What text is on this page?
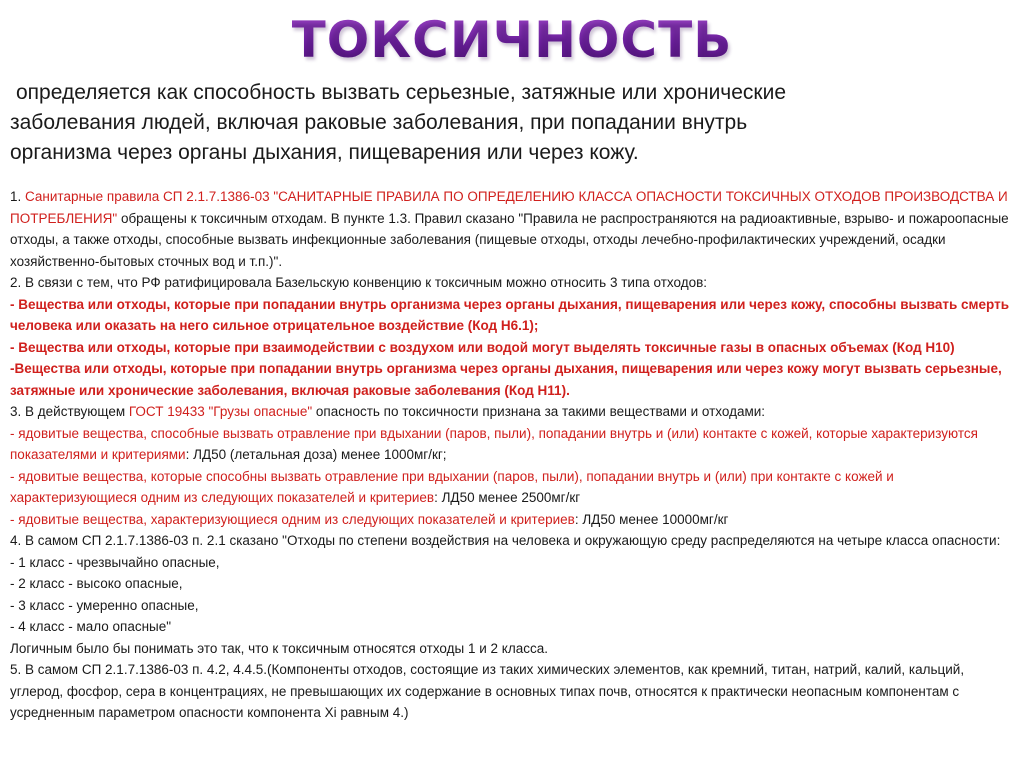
ТОКСИЧНОСТЬ
определяется как способность вызвать серьезные, затяжные или хронические
заболевания людей, включая раковые заболевания, при попадании внутрь
организма через органы дыхания, пищеварения или через кожу.

1. Санитарные правила СП 2.1.7.1386-03 "САНИТАРНЫЕ ПРАВИЛА ПО ОПРЕДЕЛЕНИЮ КЛАССА ОПАСНОСТИ ТОКСИЧНЫХ ОТХОДОВ ПРОИЗВОДСТВА И ПОТРЕБЛЕНИЯ" обращены к токсичным отходам. В пункте 1.3. Правил сказано "Правила не распространяются на радиоактивные, взрыво- и пожароопасные отходы, а также отходы, способные вызвать инфекционные заболевания (пищевые отходы, отходы лечебно-профилактических учреждений, осадки хозяйственно-бытовых сточных вод и т.п.)".

2. В связи с тем, что РФ ратифицировала Базельскую конвенцию к токсичным можно относить 3 типа отходов:

- Вещества или отходы, которые при попадании внутрь организма через органы дыхания, пищеварения или через кожу, способны вызвать смерть человека или оказать на него сильное отрицательное воздействие (Код Н6.1);

- Вещества или отходы, которые при взаимодействии с воздухом или водой могут выделять токсичные газы в опасных объемах (Код Н10)

-Вещества или отходы, которые при попадании внутрь организма через органы дыхания, пищеварения или через кожу могут вызвать серьезные, затяжные или хронические заболевания, включая раковые заболевания (Код Н11).

3. В действующем ГОСТ 19433 "Грузы опасные" опасность по токсичности признана за такими веществами и отходами:

- ядовитые вещества, способные вызвать отравление при вдыхании (паров, пыли), попадании внутрь и (или) контакте с кожей, которые характеризуются показателями и критериями: ЛД50 (летальная доза) менее 1000мг/кг;

- ядовитые вещества, которые способны вызвать отравление при вдыхании (паров, пыли), попадании внутрь и (или) при контакте с кожей и характеризующиеся одним из следующих показателей и критериев: ЛД50 менее 2500мг/кг

- ядовитые вещества, характеризующиеся одним из следующих показателей и критериев: ЛД50 менее 10000мг/кг

4. В самом СП 2.1.7.1386-03 п. 2.1 сказано "Отходы по степени воздействия на человека и окружающую среду распределяются на четыре класса опасности:

- 1 класс - чрезвычайно опасные,

- 2 класс - высоко опасные,

- 3 класс - умеренно опасные,

- 4 класс - мало опасные"

Логичным было бы понимать это так, что к токсичным относятся отходы 1 и 2 класса.

5. В самом СП 2.1.7.1386-03 п. 4.2, 4.4.5.(Компоненты отходов, состоящие из таких химических элементов, как кремний, титан, натрий, калий, кальций, углерод, фосфор, сера в концентрациях, не превышающих их содержание в основных типах почв, относятся к практически неопасным компонентам с усредненным параметром опасности компонента Xi равным 4.)
